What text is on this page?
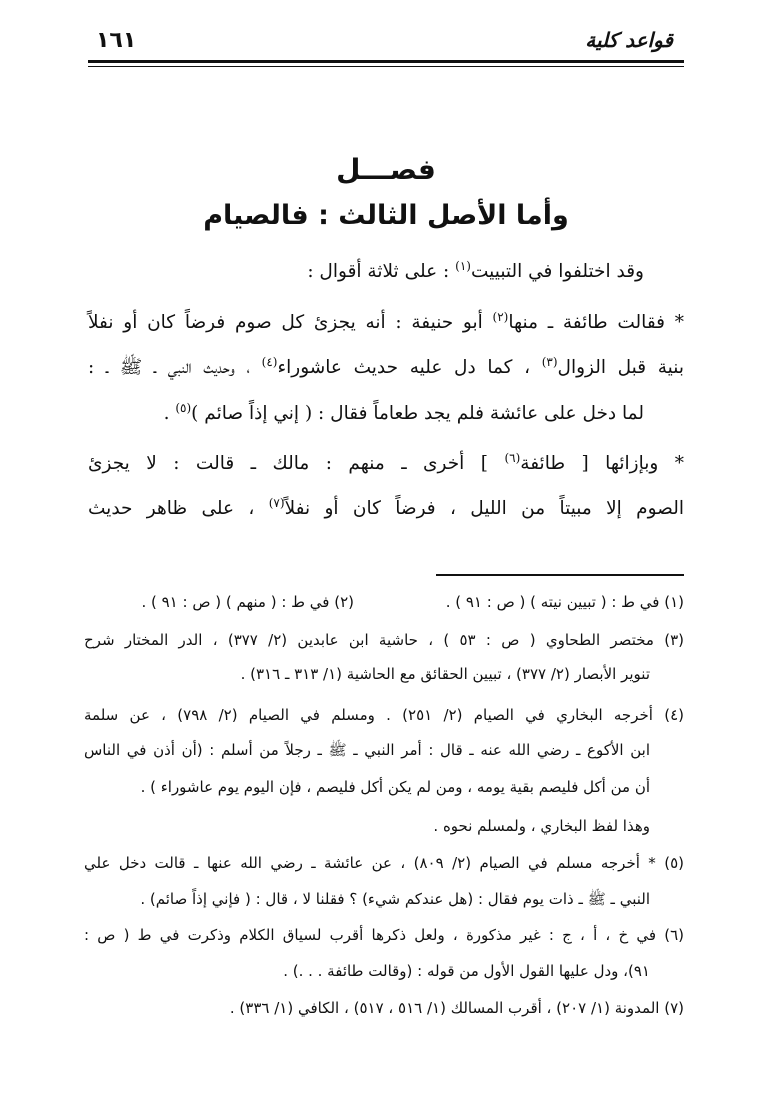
قواعد كلية
١٦١
فصـــل
وأما الأصل الثالث : فالصيام
وقد اختلفوا في التبييت$^{(١)}$ : على ثلاثة أقوال :
* فقالت طائفة ـ منها$^{(٢)}$ أبو حنيفة : أنه يجزئ كل صوم فرضاً كان أو نفلاً
بنية قبل الزوال$^{(٣)}$ ، كما دل عليه حديث عاشوراء$^{(٤)}$ ، وحديث النبي ـ ﷺ ـ :
لما دخل على عائشة فلم يجد طعاماً فقال : ( إني إذاً صائم )$^{(٥)}$ .
* وبإزائها [ طائفة$^{(٦)}$ ] أخرى ـ منهم : مالك ـ قالت : لا يجزئ
الصوم إلا مبيتاً من الليل ، فرضاً كان أو نفلاً$^{(٧)}$ ، على ظاهر حديث
(١) في ط : ( تبيين نيته ) ( ص : ٩١ ) .
(٢) في ط : ( منهم ) ( ص : ٩١ ) .
(٣) مختصر الطحاوي ( ص : ٥٣ ) ، حاشية ابن عابدين (٢/ ٣٧٧) ، الدر المختار شرح
تنوير الأبصار (٢/ ٣٧٧) ، تبيين الحقائق مع الحاشية (١/ ٣١٣ ـ ٣١٦) .
(٤) أخرجه البخاري في الصيام (٢/ ٢٥١) . ومسلم في الصيام (٢/ ٧٩٨) ، عن سلمة
ابن الأكوع ـ رضي الله عنه ـ قال : أمر النبي ـ ﷺ ـ رجلاً من أسلم : (أن أذن في الناس
أن من أكل فليصم بقية يومه ، ومن لم يكن أكل فليصم ، فإن اليوم يوم عاشوراء ) .
وهذا لفظ البخاري ، ولمسلم نحوه .
(٥) * أخرجه مسلم في الصيام (٢/ ٨٠٩) ، عن عائشة ـ رضي الله عنها ـ قالت دخل علي
النبي ـ ﷺ ـ ذات يوم فقال : (هل عندكم شيء) ؟ فقلنا لا ، قال : ( فإني إذاً صائم) .
(٦) في خ ، أ ، ج : غير مذكورة ، ولعل ذكرها أقرب لسياق الكلام وذكرت في ط ( ص :
٩١)، ودل عليها القول الأول من قوله : (وقالت طائفة . . .) .
(٧) المدونة (١/ ٢٠٧) ، أقرب المسالك (١/ ٥١٦ ، ٥١٧) ، الكافي (١/ ٣٣٦) .
